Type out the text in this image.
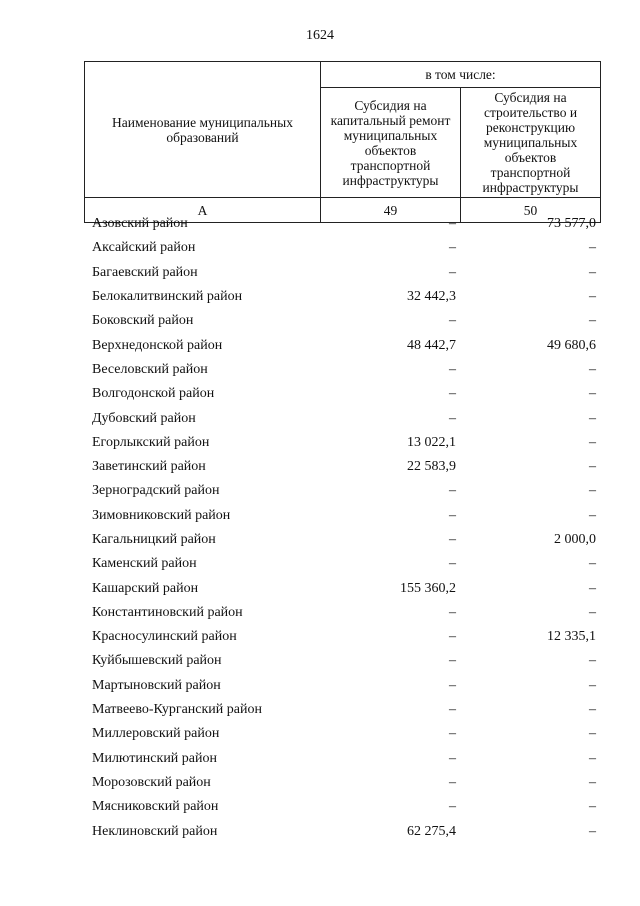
1624
Наименование муниципальных образований	в том числе:	
	Субсидия на капитальный ремонт муниципальных объектов транспортной инфраструктуры	Субсидия на строительство и реконструкцию муниципальных объектов транспортной инфраструктуры
А	49	50
Азовский район	–	73 577,0
Аксайский район	–	–
Багаевский район	–	–
Белокалитвинский район	32 442,3	–
Боковский район	–	–
Верхнедонской район	48 442,7	49 680,6
Веселовский район	–	–
Волгодонской район	–	–
Дубовский район	–	–
Егорлыкский район	13 022,1	–
Заветинский район	22 583,9	–
Зерноградский район	–	–
Зимовниковский район	–	–
Кагальницкий район	–	2 000,0
Каменский район	–	–
Кашарский район	155 360,2	–
Константиновский район	–	–
Красносулинский район	–	12 335,1
Куйбышевский район	–	–
Мартыновский район	–	–
Матвеево-Курганский район	–	–
Миллеровский район	–	–
Милютинский район	–	–
Морозовский район	–	–
Мясниковский район	–	–
Неклиновский район	62 275,4	–
